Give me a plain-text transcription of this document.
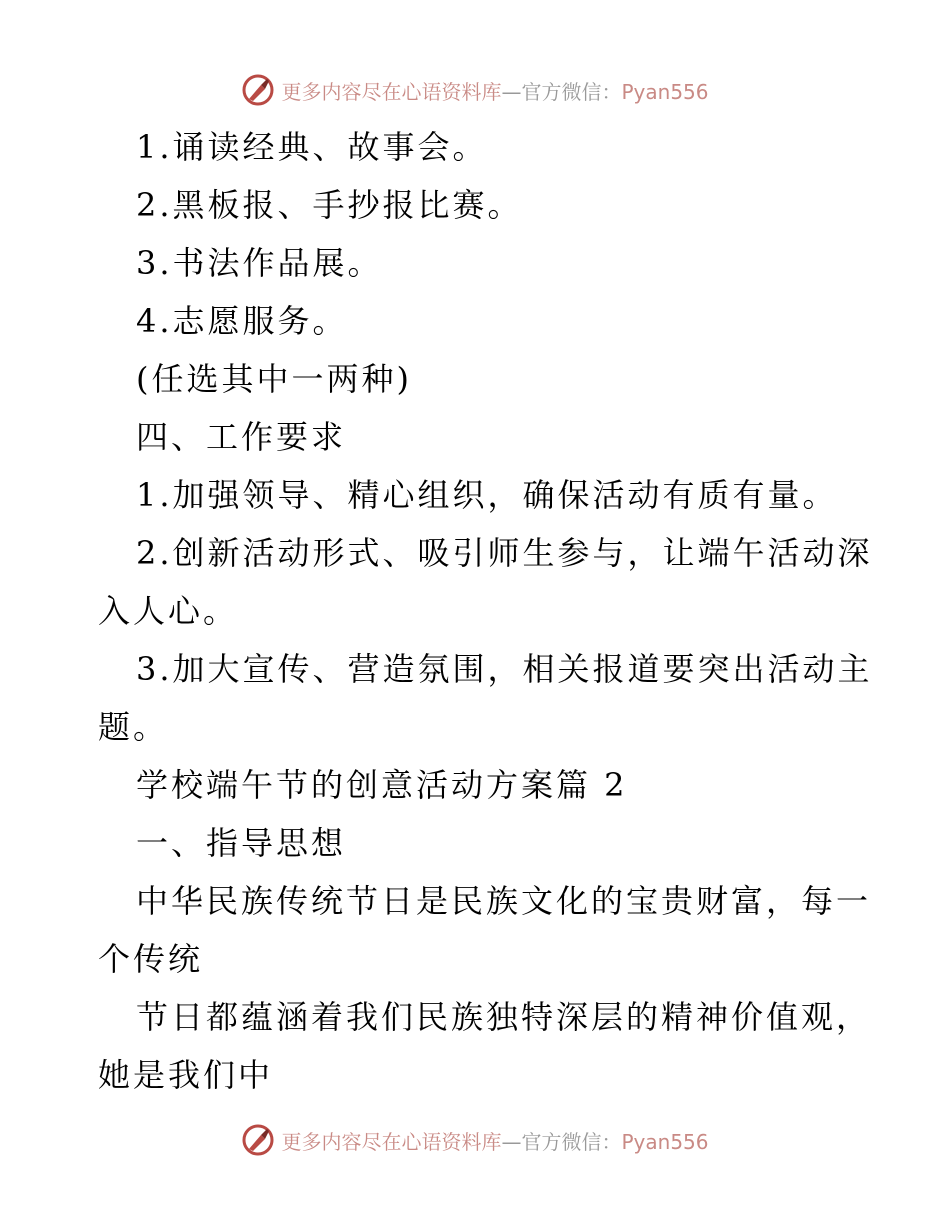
更多内容尽在心语资料库—官方微信：Pyan556
1.诵读经典、故事会。
2.黑板报、手抄报比赛。
3.书法作品展。
4.志愿服务。
(任选其中一两种)
四、工作要求
1.加强领导、精心组织，确保活动有质有量。
2.创新活动形式、吸引师生参与，让端午活动深
入人心。
3.加大宣传、营造氛围，相关报道要突出活动主
题。
学校端午节的创意活动方案篇 2
一、指导思想
中华民族传统节日是民族文化的宝贵财富，每一
个传统
节日都蕴涵着我们民族独特深层的精神价值观，
她是我们中
更多内容尽在心语资料库—官方微信：Pyan556
